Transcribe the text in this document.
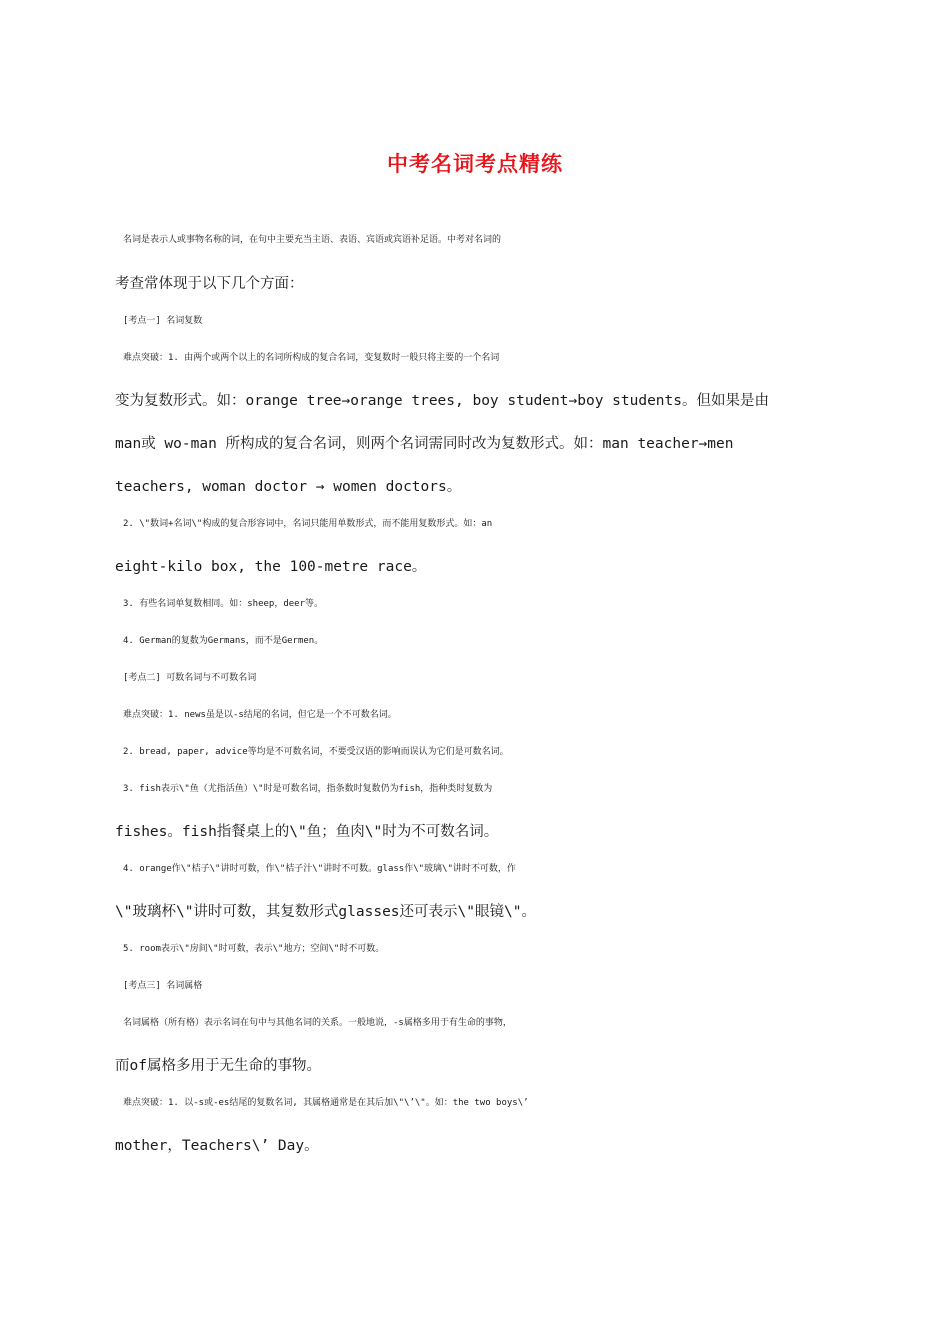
中考名词考点精练
名词是表示人或事物名称的词，在句中主要充当主语、表语、宾语或宾语补足语。中考对名词的
考查常体现于以下几个方面：
[考点一] 名词复数
难点突破：1. 由两个或两个以上的名词所构成的复合名词，变复数时一般只将主要的一个名词
变为复数形式。如：orange tree→orange trees, boy student→boy students。但如果是由
man或 wo-man 所构成的复合名词，则两个名词需同时改为复数形式。如：man teacher→men
teachers, woman doctor → women doctors。
2. \"数词+名词\"构成的复合形容词中，名词只能用单数形式，而不能用复数形式。如：an
eight-kilo box, the 100-metre race。
3. 有些名词单复数相同。如：sheep，deer等。
4. German的复数为Germans，而不是Germen。
[考点二] 可数名词与不可数名词
难点突破：1. news虽是以-s结尾的名词，但它是一个不可数名词。
2. bread, paper, advice等均是不可数名词，不要受汉语的影响而误认为它们是可数名词。
3. fish表示\"鱼（尤指活鱼）\"时是可数名词，指条数时复数仍为fish，指种类时复数为
fishes。fish指餐桌上的\"鱼；鱼肉\"时为不可数名词。
4. orange作\"桔子\"讲时可数，作\"桔子汁\"讲时不可数。glass作\"玻璃\"讲时不可数，作
\"玻璃杯\"讲时可数，其复数形式glasses还可表示\"眼镜\"。
5. room表示\"房间\"时可数，表示\"地方；空间\"时不可数。
[考点三] 名词属格
名词属格（所有格）表示名词在句中与其他名词的关系。一般地说，-s属格多用于有生命的事物，
而of属格多用于无生命的事物。
难点突破：1. 以-s或-es结尾的复数名词, 其属格通常是在其后加\"\’\"。如：the two boys\’
mother，Teachers\’ Day。
